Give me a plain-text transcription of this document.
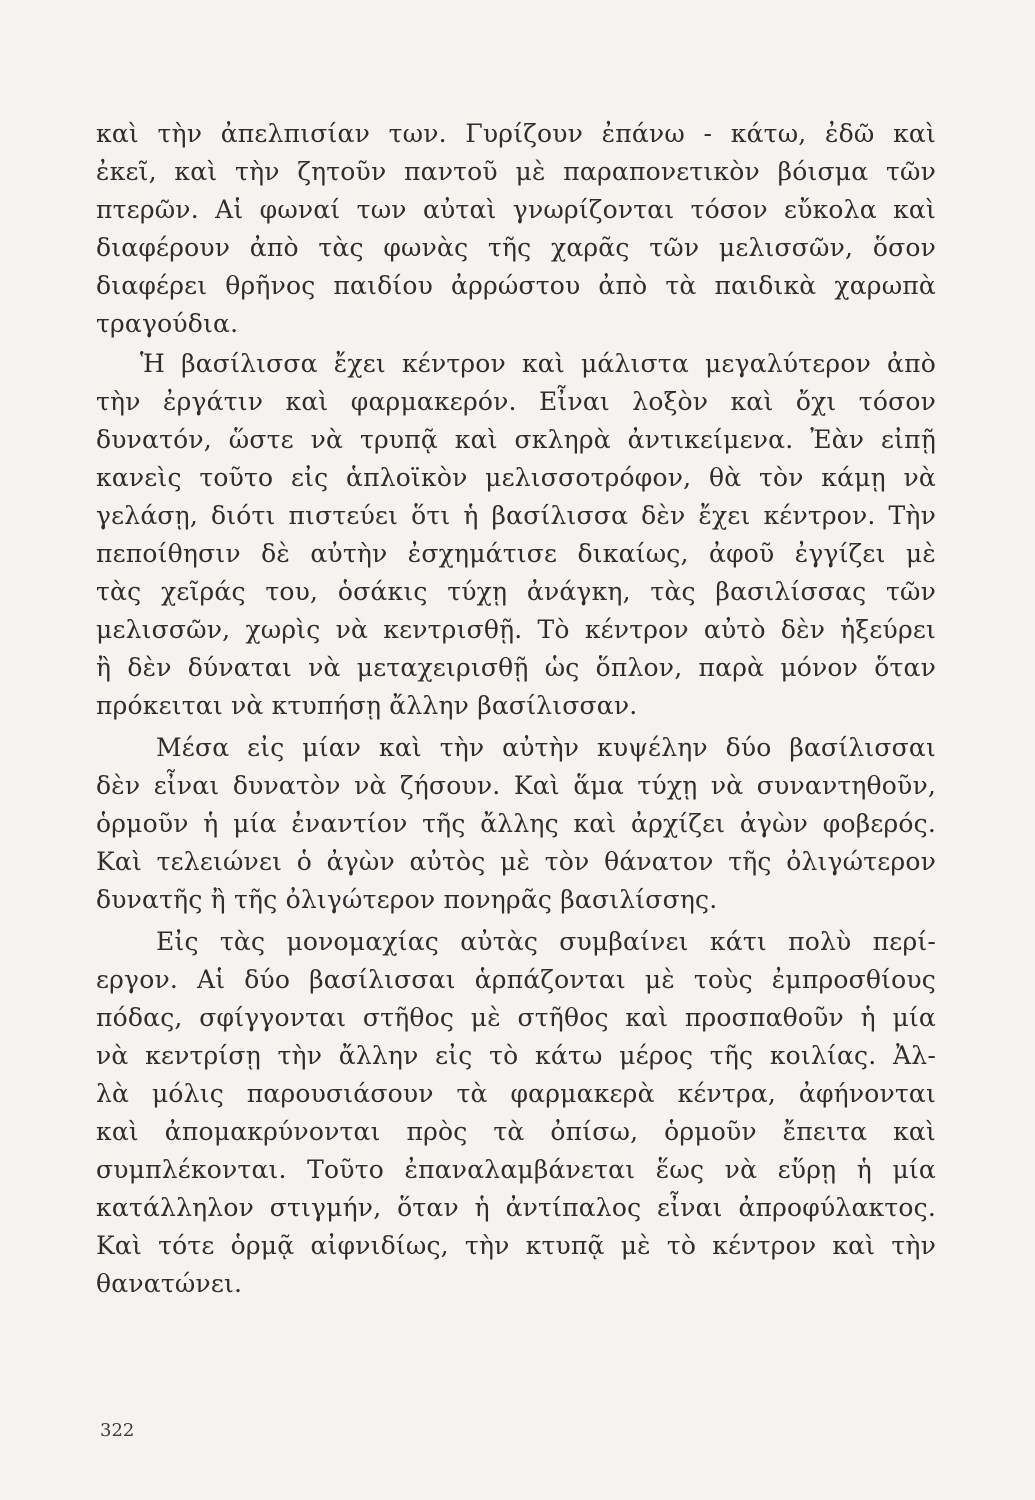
καὶ τὴν ἀπελπισίαν των. Γυρίζουν ἐπάνω - κάτω, ἐδῶ καὶ
ἐκεῖ, καὶ τὴν ζητοῦν παντοῦ μὲ παραπονετικὸν βόισμα τῶν
πτερῶν. Αἱ φωναί των αὐταὶ γνωρίζονται τόσον εὔκολα καὶ
διαφέρουν ἀπὸ τὰς φωνὰς τῆς χαρᾶς τῶν μελισσῶν, ὅσον
διαφέρει θρῆνος παιδίου ἀρρώστου ἀπὸ τὰ παιδικὰ χαρωπὰ
τραγούδια.
Ἡ βασίλισσα ἔχει κέντρον καὶ μάλιστα μεγαλύτερον ἀπὸ
τὴν ἐργάτιν καὶ φαρμακερόν. Εἶναι λοξὸν καὶ ὄχι τόσον
δυνατόν, ὥστε νὰ τρυπᾷ καὶ σκληρὰ ἀντικείμενα. Ἐὰν εἰπῇ
κανεὶς τοῦτο εἰς ἁπλοϊκὸν μελισσοτρόφον, θὰ τὸν κάμῃ νὰ
γελάσῃ, διότι πιστεύει ὅτι ἡ βασίλισσα δὲν ἔχει κέντρον. Τὴν
πεποίθησιν δὲ αὐτὴν ἐσχημάτισε δικαίως, ἀφοῦ ἐγγίζει μὲ
τὰς χεῖράς του, ὁσάκις τύχῃ ἀνάγκη, τὰς βασιλίσσας τῶν
μελισσῶν, χωρὶς νὰ κεντρισθῇ. Τὸ κέντρον αὐτὸ δὲν ἠξεύρει
ἢ δὲν δύναται νὰ μεταχειρισθῇ ὡς ὅπλον, παρὰ μόνον ὅταν
πρόκειται νὰ κτυπήσῃ ἄλλην βασίλισσαν.
Μέσα εἰς μίαν καὶ τὴν αὐτὴν κυψέλην δύο βασίλισσαι
δὲν εἶναι δυνατὸν νὰ ζήσουν. Καὶ ἅμα τύχῃ νὰ συναντηθοῦν,
ὁρμοῦν ἡ μία ἐναντίον τῆς ἄλλης καὶ ἀρχίζει ἀγὼν φοβερός.
Καὶ τελειώνει ὁ ἀγὼν αὐτὸς μὲ τὸν θάνατον τῆς ὀλιγώτερον
δυνατῆς ἢ τῆς ὀλιγώτερον πονηρᾶς βασιλίσσης.
Εἰς τὰς μονομαχίας αὐτὰς συμβαίνει κάτι πολὺ περί-
εργον. Αἱ δύο βασίλισσαι ἁρπάζονται μὲ τοὺς ἐμπροσθίους
πόδας, σφίγγονται στῆθος μὲ στῆθος καὶ προσπαθοῦν ἡ μία
νὰ κεντρίσῃ τὴν ἄλλην εἰς τὸ κάτω μέρος τῆς κοιλίας. Ἀλ-
λὰ μόλις παρουσιάσουν τὰ φαρμακερὰ κέντρα, ἀφήνονται
καὶ ἀπομακρύνονται πρὸς τὰ ὀπίσω, ὁρμοῦν ἔπειτα καὶ
συμπλέκονται. Τοῦτο ἐπαναλαμβάνεται ἕως νὰ εὕρῃ ἡ μία
κατάλληλον στιγμήν, ὅταν ἡ ἀντίπαλος εἶναι ἀπροφύλακτος.
Καὶ τότε ὁρμᾷ αἰφνιδίως, τὴν κτυπᾷ μὲ τὸ κέντρον καὶ τὴν
θανατώνει.
322
